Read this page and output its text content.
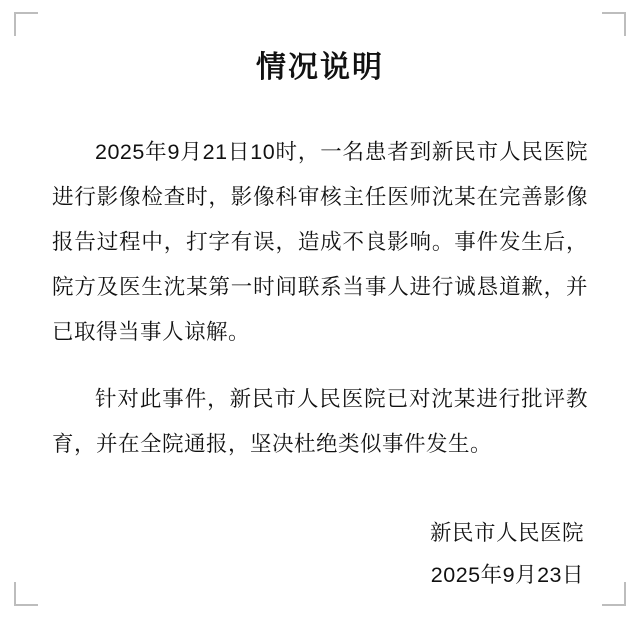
情况说明

2025年9月21日10时，一名患者到新民市人民医院进行影像检查时，影像科审核主任医师沈某在完善影像报告过程中，打字有误，造成不良影响。事件发生后，院方及医生沈某第一时间联系当事人进行诚恳道歉，并已取得当事人谅解。

针对此事件，新民市人民医院已对沈某进行批评教育，并在全院通报，坚决杜绝类似事件发生。

新民市人民医院
2025年9月23日
